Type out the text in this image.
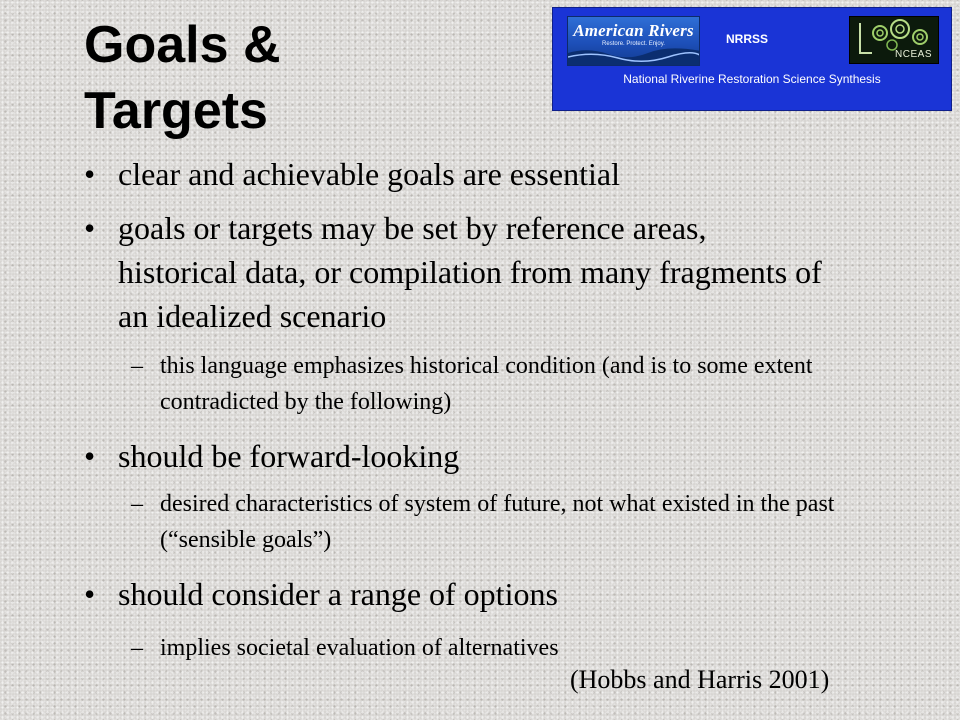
Goals &
Targets
American Rivers
Restore. Protect. Enjoy.	NRRSS
NCEAS
National Riverine Restoration Science Synthesis
• clear and achievable goals are essential
• goals or targets may be set by reference areas, historical data, or compilation from many fragments of an idealized scenario
– this language emphasizes historical condition (and is to some extent contradicted by the following)
• should be forward-looking
– desired characteristics of system of future, not what existed in the past (“sensible goals”)
• should consider a range of options
– implies societal evaluation of alternatives
(Hobbs and Harris 2001)
